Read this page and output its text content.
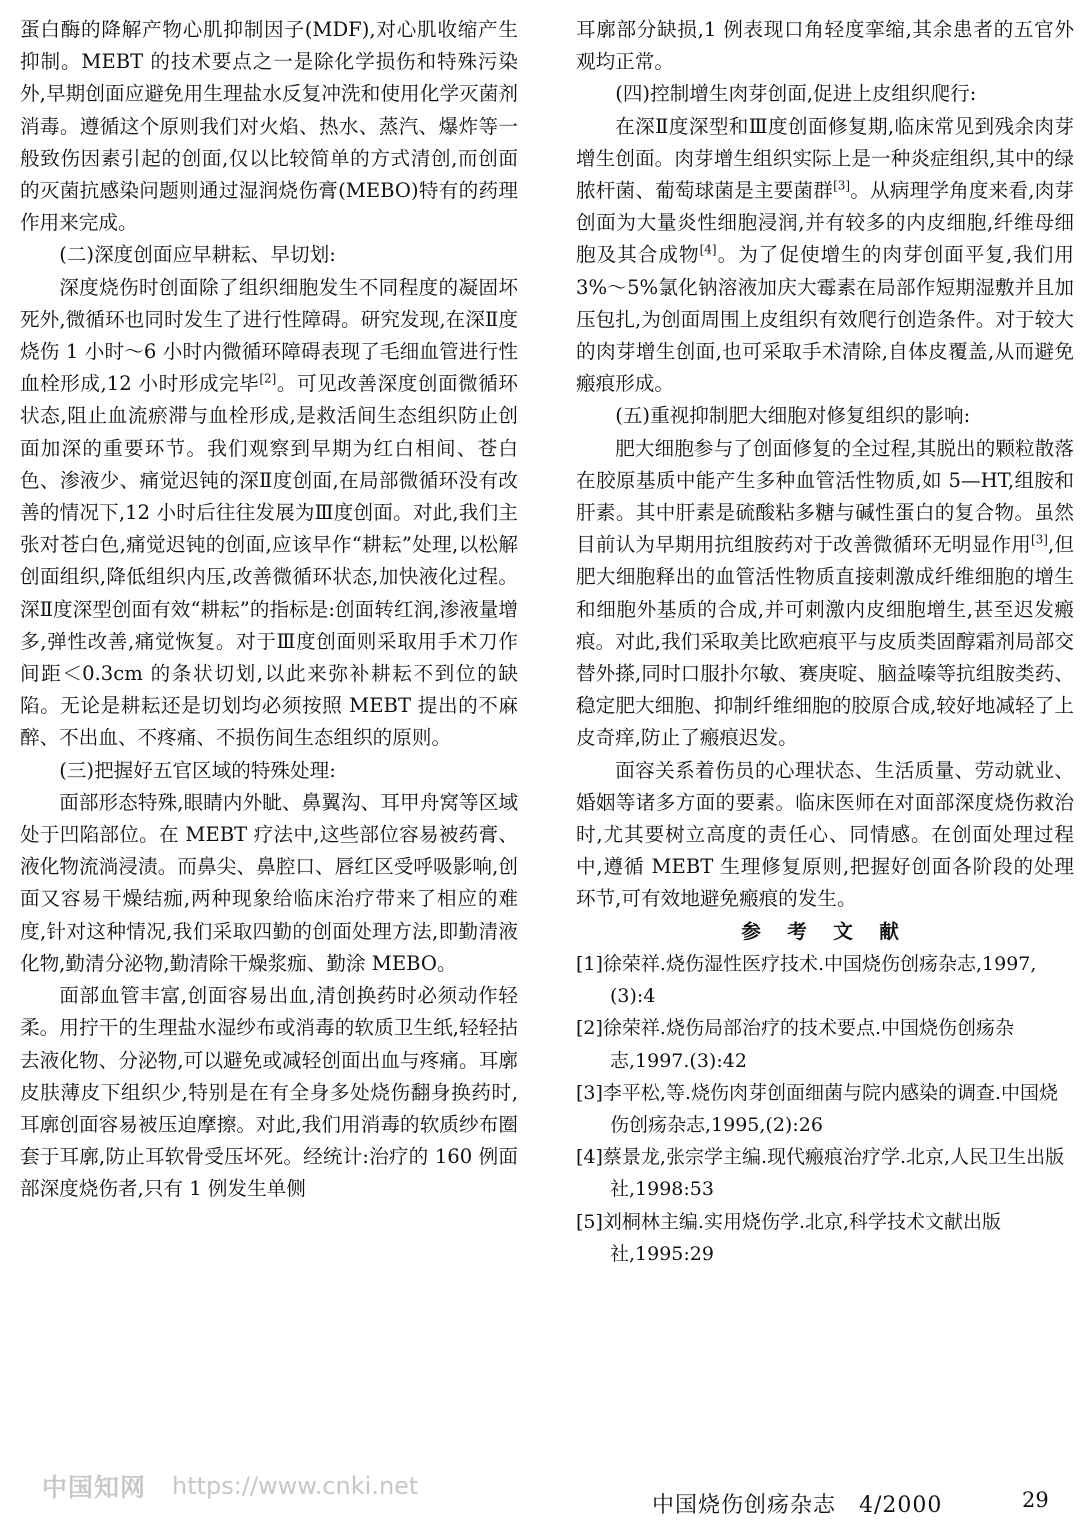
蛋白酶的降解产物心肌抑制因子(MDF),对心肌收缩产生抑制。MEBT 的技术要点之一是除化学损伤和特殊污染外,早期创面应避免用生理盐水反复冲洗和使用化学灭菌剂消毒。遵循这个原则我们对火焰、热水、蒸汽、爆炸等一般致伤因素引起的创面,仅以比较简单的方式清创,而创面的灭菌抗感染问题则通过湿润烧伤膏(MEBO)特有的药理作用来完成。

(二)深度创面应早耕耘、早切划:

深度烧伤时创面除了组织细胞发生不同程度的凝固坏死外,微循环也同时发生了进行性障碍。研究发现,在深Ⅱ度烧伤 1 小时～6 小时内微循环障碍表现了毛细血管进行性血栓形成,12 小时形成完毕[2]。可见改善深度创面微循环状态,阻止血流瘀滞与血栓形成,是救活间生态组织防止创面加深的重要环节。我们观察到早期为红白相间、苍白色、渗液少、痛觉迟钝的深Ⅱ度创面,在局部微循环没有改善的情况下,12 小时后往往发展为Ⅲ度创面。对此,我们主张对苍白色,痛觉迟钝的创面,应该早作“耕耘”处理,以松解创面组织,降低组织内压,改善微循环状态,加快液化过程。深Ⅱ度深型创面有效“耕耘”的指标是:创面转红润,渗液量增多,弹性改善,痛觉恢复。对于Ⅲ度创面则采取用手术刀作间距＜0.3cm 的条状切划,以此来弥补耕耘不到位的缺陷。无论是耕耘还是切划均必须按照 MEBT 提出的不麻醉、不出血、不疼痛、不损伤间生态组织的原则。

(三)把握好五官区域的特殊处理:

面部形态特殊,眼睛内外眦、鼻翼沟、耳甲舟窝等区域处于凹陷部位。在 MEBT 疗法中,这些部位容易被药膏、液化物流淌浸渍。而鼻尖、鼻腔口、唇红区受呼吸影响,创面又容易干燥结痂,两种现象给临床治疗带来了相应的难度,针对这种情况,我们采取四勤的创面处理方法,即勤清液化物,勤清分泌物,勤清除干燥浆痂、勤涂 MEBO。

面部血管丰富,创面容易出血,清创换药时必须动作轻柔。用拧干的生理盐水湿纱布或消毒的软质卫生纸,轻轻拈去液化物、分泌物,可以避免或减轻创面出血与疼痛。耳廓皮肤薄皮下组织少,特别是在有全身多处烧伤翻身换药时,耳廓创面容易被压迫摩擦。对此,我们用消毒的软质纱布圈套于耳廓,防止耳软骨受压坏死。经统计:治疗的 160 例面部深度烧伤者,只有 1 例发生单侧

耳廓部分缺损,1 例表现口角轻度挛缩,其余患者的五官外观均正常。

(四)控制增生肉芽创面,促进上皮组织爬行:

在深Ⅱ度深型和Ⅲ度创面修复期,临床常见到残余肉芽增生创面。肉芽增生组织实际上是一种炎症组织,其中的绿脓杆菌、葡萄球菌是主要菌群[3]。从病理学角度来看,肉芽创面为大量炎性细胞浸润,并有较多的内皮细胞,纤维母细胞及其合成物[4]。为了促使增生的肉芽创面平复,我们用 3%～5%氯化钠溶液加庆大霉素在局部作短期湿敷并且加压包扎,为创面周围上皮组织有效爬行创造条件。对于较大的肉芽增生创面,也可采取手术清除,自体皮覆盖,从而避免瘢痕形成。

(五)重视抑制肥大细胞对修复组织的影响:

肥大细胞参与了创面修复的全过程,其脱出的颗粒散落在胶原基质中能产生多种血管活性物质,如 5—HT,组胺和肝素。其中肝素是硫酸粘多糖与碱性蛋白的复合物。虽然目前认为早期用抗组胺药对于改善微循环无明显作用[3],但肥大细胞释出的血管活性物质直接刺激成纤维细胞的增生和细胞外基质的合成,并可刺激内皮细胞增生,甚至迟发瘢痕。对此,我们采取美比欧疤痕平与皮质类固醇霜剂局部交替外搽,同时口服扑尔敏、赛庚啶、脑益嗪等抗组胺类药、稳定肥大细胞、抑制纤维细胞的胶原合成,较好地减轻了上皮奇痒,防止了瘢痕迟发。

面容关系着伤员的心理状态、生活质量、劳动就业、婚姻等诸多方面的要素。临床医师在对面部深度烧伤救治时,尤其要树立高度的责任心、同情感。在创面处理过程中,遵循 MEBT 生理修复原则,把握好创面各阶段的处理环节,可有效地避免瘢痕的发生。

参 考 文 献

[1]徐荣祥.烧伤湿性医疗技术.中国烧伤创疡杂志,1997,(3):4

[2]徐荣祥.烧伤局部治疗的技术要点.中国烧伤创疡杂志,1997.(3):42

[3]李平松,等.烧伤肉芽创面细菌与院内感染的调查.中国烧伤创疡杂志,1995,(2):26

[4]蔡景龙,张宗学主编.现代瘢痕治疗学.北京,人民卫生出版社,1998:53

[5]刘桐林主编.实用烧伤学.北京,科学技术文献出版社,1995:29

中国知网 https://www.cnki.net
中国烧伤创疡杂志　4/2000	29
